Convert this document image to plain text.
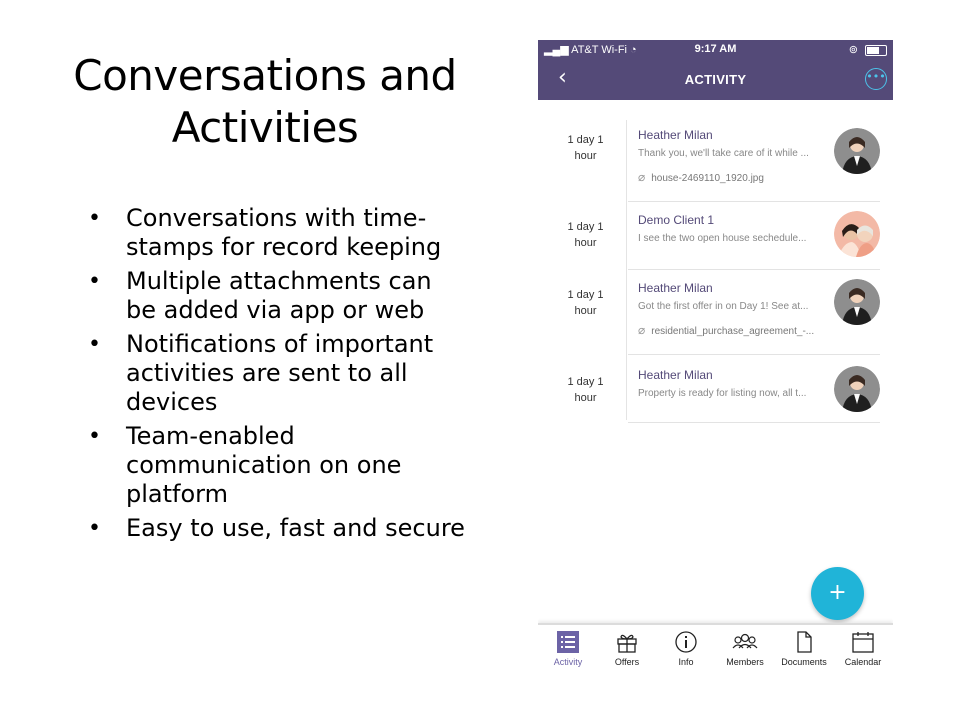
Conversations and
Activities
• Conversations with time-stamps for record keeping
• Multiple attachments can be added via app or web
• Notifications of important activities are sent to all devices
• Team-enabled communication on one platform
• Easy to use, fast and secure
▂▄▆ AT&T Wi-Fi ◔	9:17 AM	⊚
‹	ACTIVITY	•••
1 day 1
hour
Heather Milan
Thank you, we'll take care of it while ...
⌀ house-2469110_1920.jpg
1 day 1
hour
Demo Client 1
I see the two open house sechedule...
1 day 1
hour
Heather Milan
Got the first offer in on Day 1! See at...
⌀ residential_purchase_agreement_-...
1 day 1
hour
Heather Milan
Property is ready for listing now, all t...
+
Activity	Offers	Info	Members	Documents	Calendar
